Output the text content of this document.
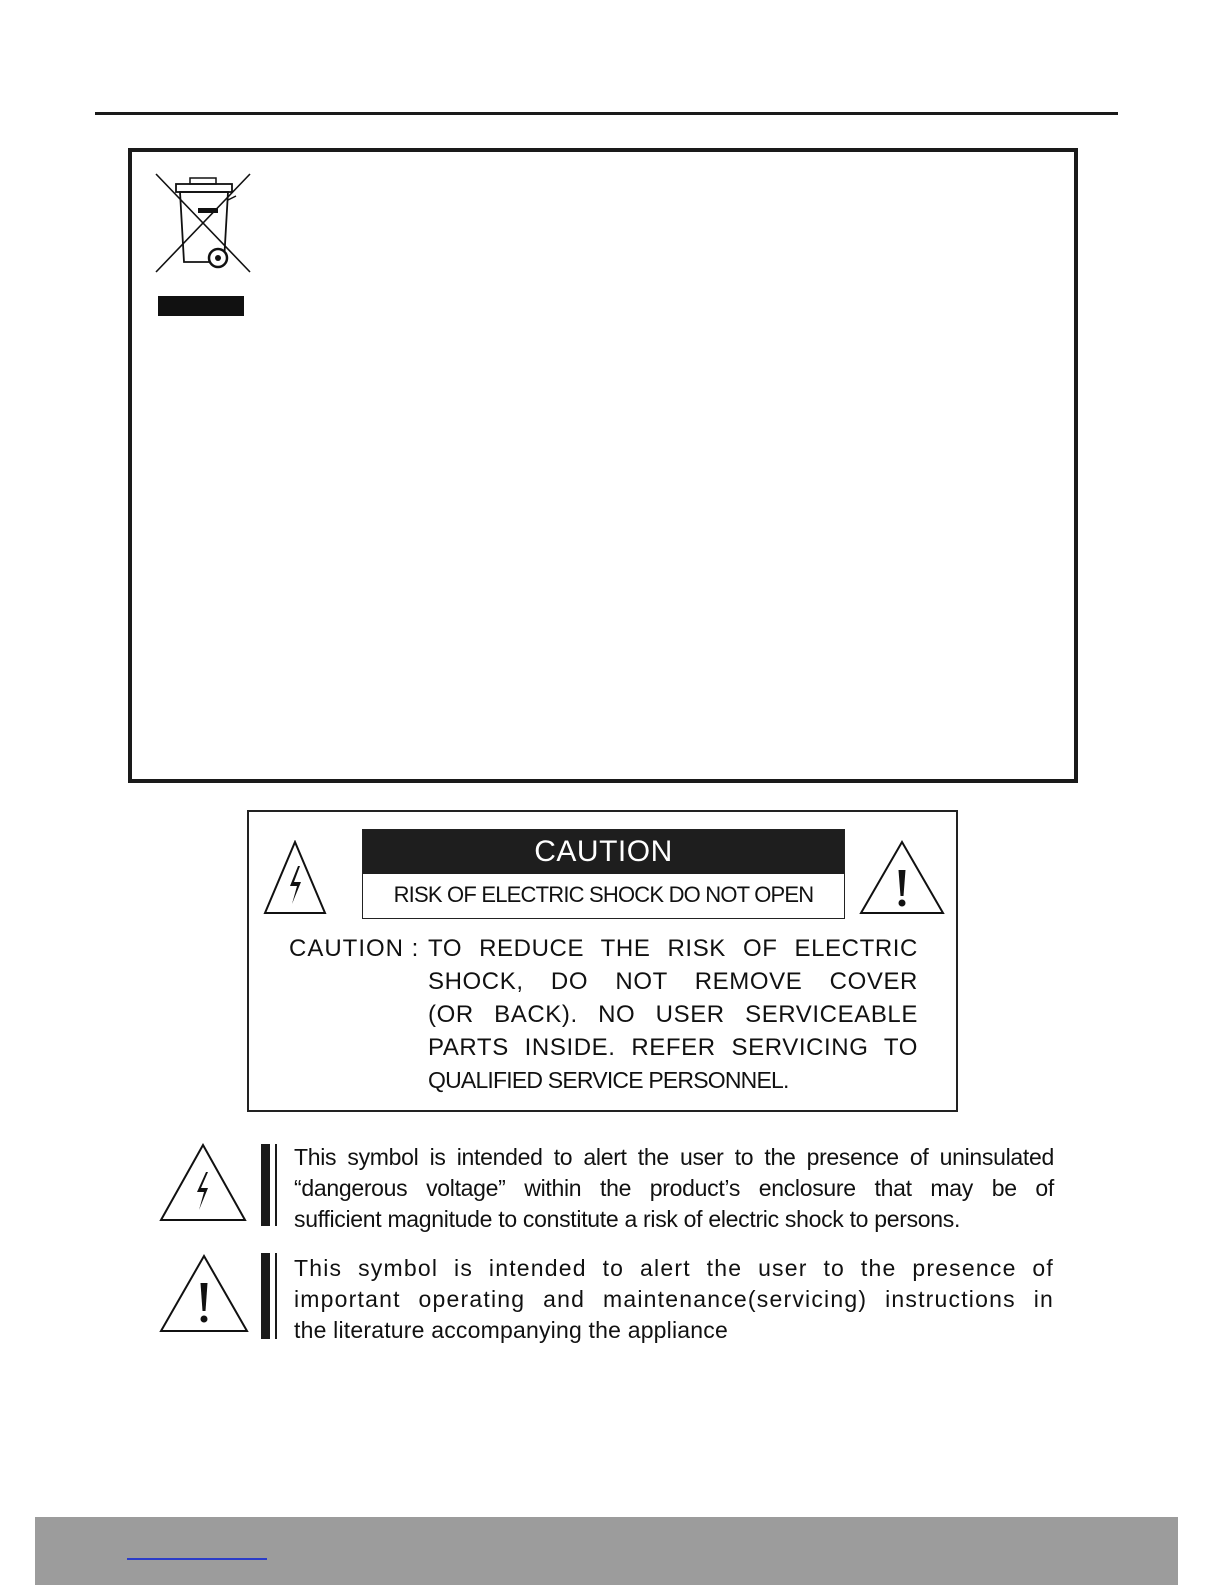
CAUTION
RISK OF ELECTRIC SHOCK DO NOT OPEN
CAUTION : TO REDUCE THE RISK OF ELECTRIC
SHOCK, DO NOT REMOVE COVER
(OR BACK). NO USER SERVICEABLE
PARTS INSIDE. REFER SERVICING TO
QUALIFIED SERVICE PERSONNEL.
This symbol is intended to alert the user to the presence of uninsulated
“dangerous voltage” within the product’s enclosure that may be of
sufficient magnitude to constitute a risk of electric shock to persons.
This symbol is intended to alert the user to the presence of
important operating and maintenance(servicing) instructions in
the literature accompanying the appliance
